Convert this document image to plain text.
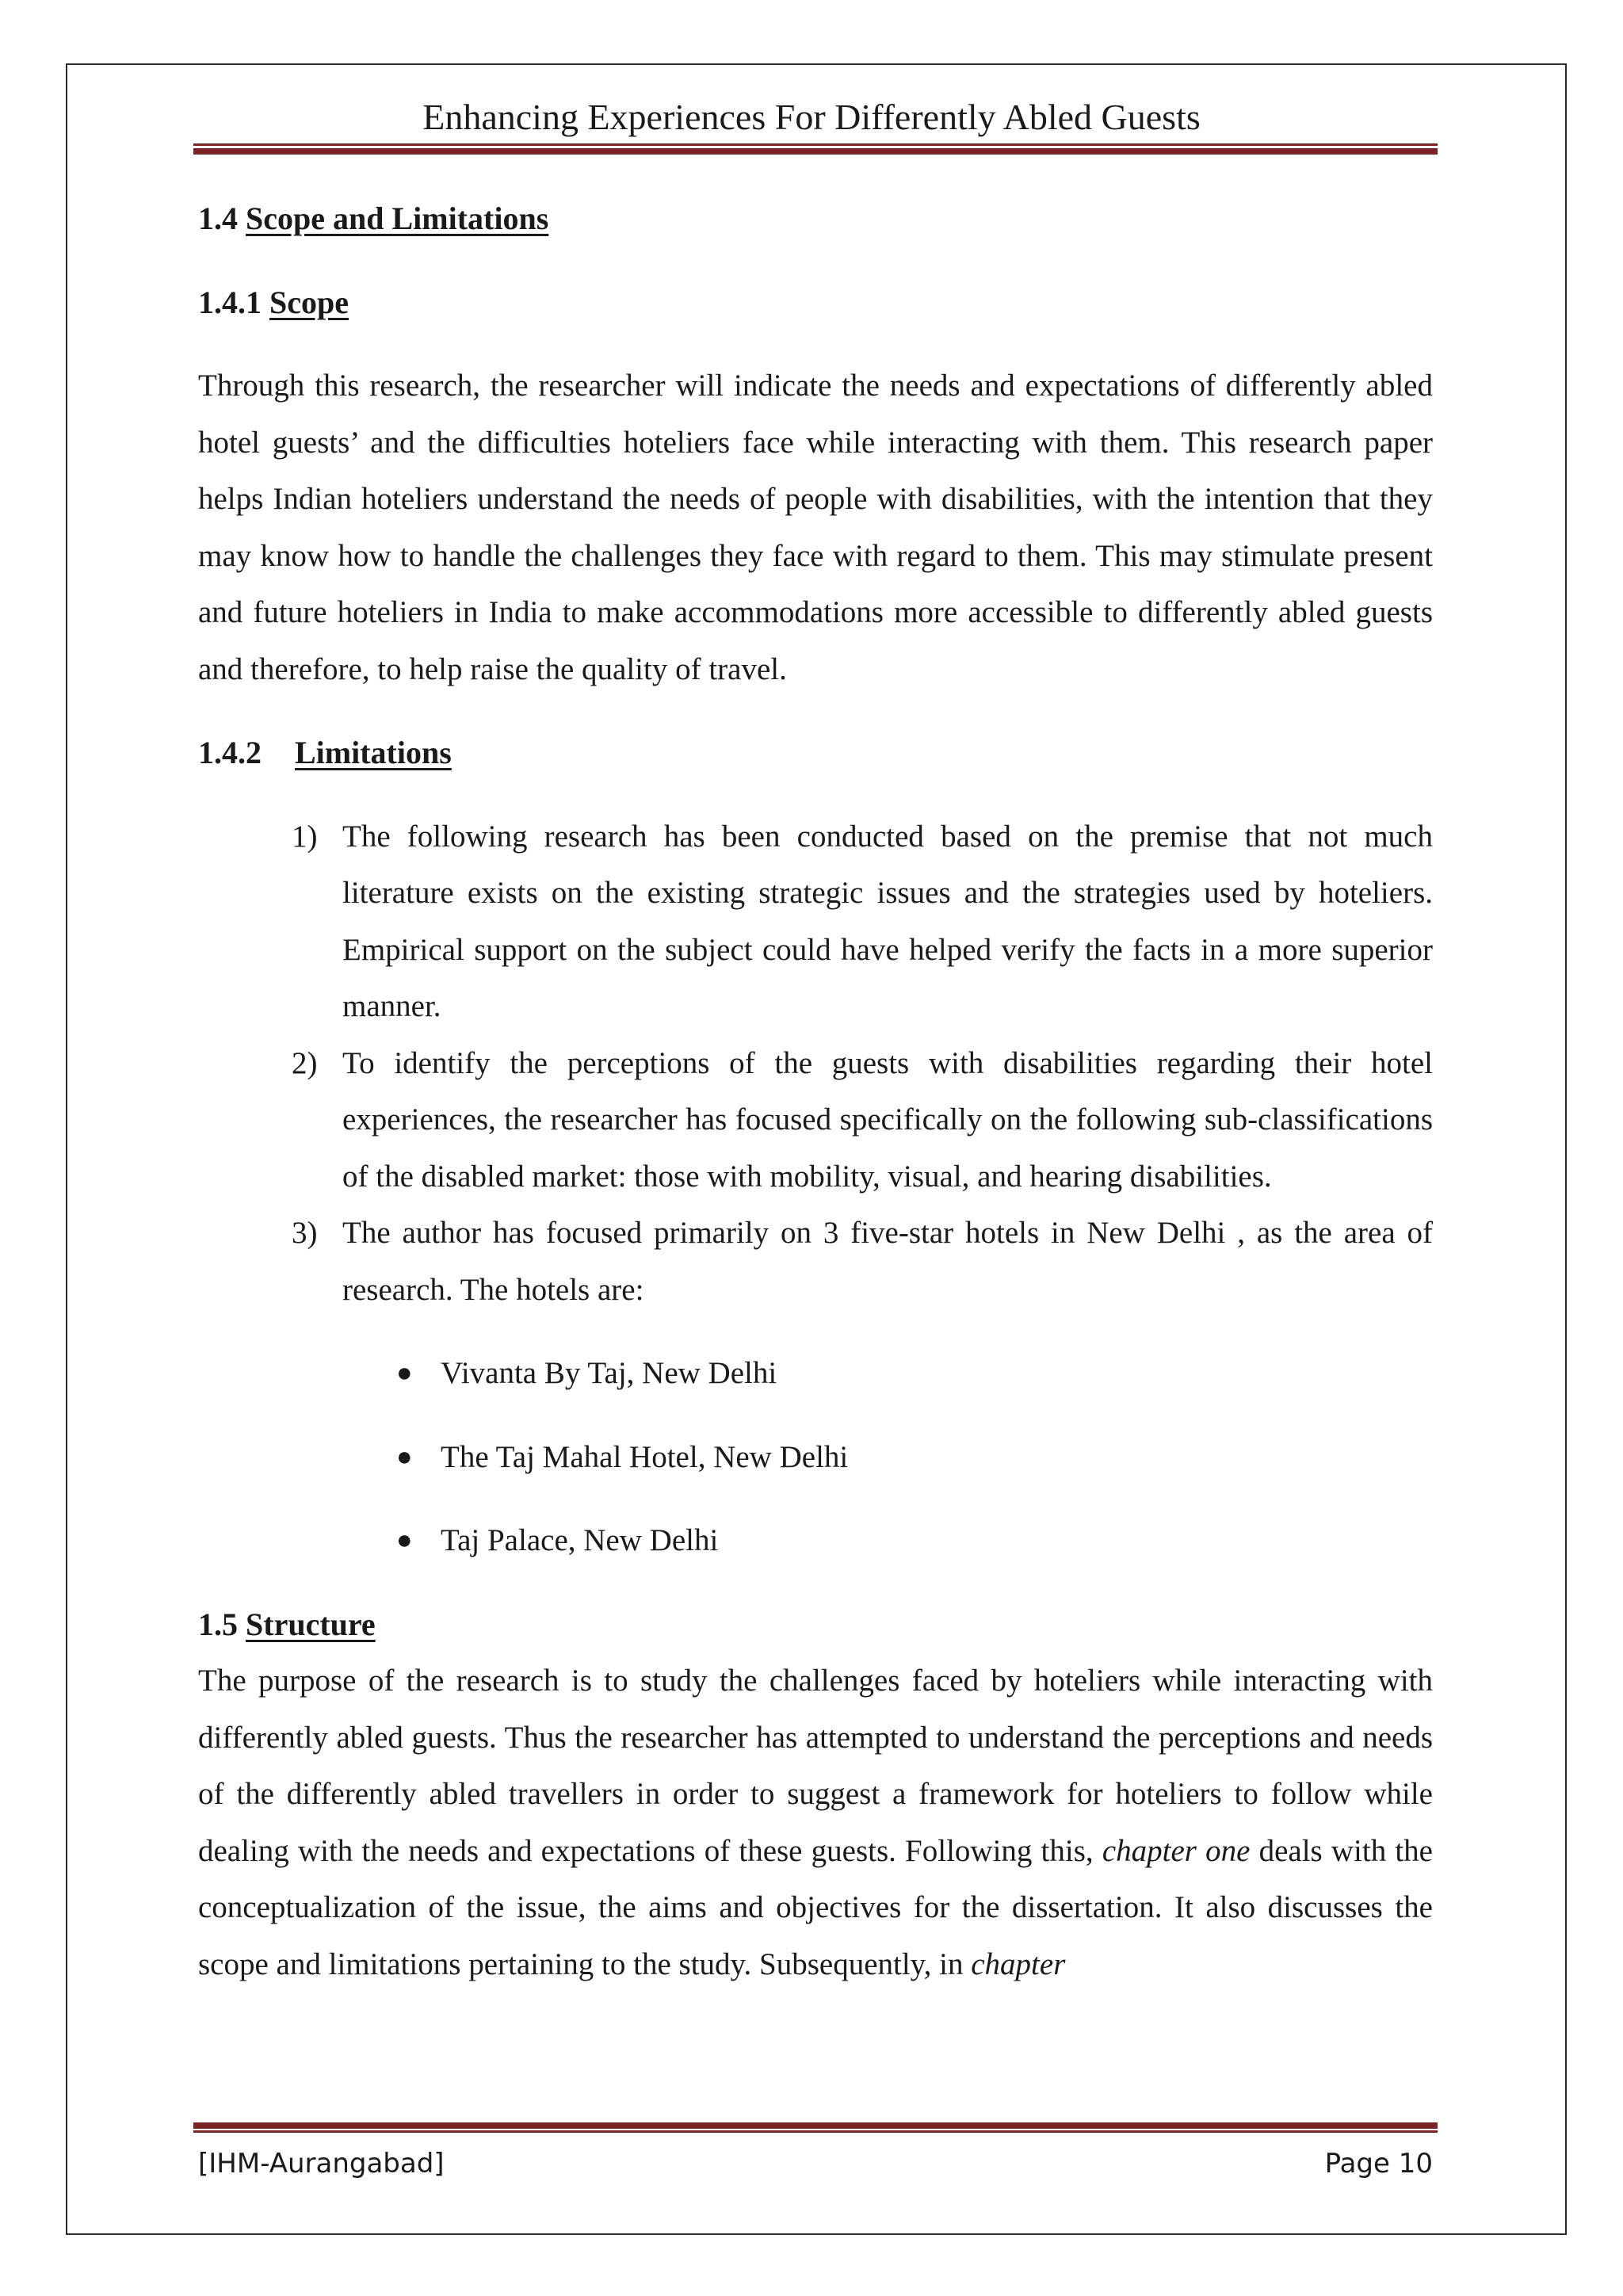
Enhancing Experiences For Differently Abled Guests
1.4 Scope and Limitations
1.4.1 Scope

Through this research, the researcher will indicate the needs and expectations of differently abled hotel guests’ and the difficulties hoteliers face while interacting with them. This research paper helps Indian hoteliers understand the needs of people with disabilities, with the intention that they may know how to handle the challenges they face with regard to them. This may stimulate present and future hoteliers in India to make accommodations more accessible to differently abled guests and therefore, to help raise the quality of travel.

1.4.2 Limitations
1) The following research has been conducted based on the premise that not much literature exists on the existing strategic issues and the strategies used by hoteliers. Empirical support on the subject could have helped verify the facts in a more superior manner.
2) To identify the perceptions of the guests with disabilities regarding their hotel experiences, the researcher has focused specifically on the following sub-classifications of the disabled market: those with mobility, visual, and hearing disabilities.
3) The author has focused primarily on 3 five-star hotels in New Delhi , as the area of research. The hotels are:
● Vivanta By Taj, New Delhi
● The Taj Mahal Hotel, New Delhi
● Taj Palace, New Delhi
1.5 Structure

The purpose of the research is to study the challenges faced by hoteliers while interacting with differently abled guests. Thus the researcher has attempted to understand the perceptions and needs of the differently abled travellers in order to suggest a framework for hoteliers to follow while dealing with the needs and expectations of these guests. Following this, chapter one deals with the conceptualization of the issue, the aims and objectives for the dissertation. It also discusses the scope and limitations pertaining to the study. Subsequently, in chapter

[IHM-Aurangabad]	Page 10
